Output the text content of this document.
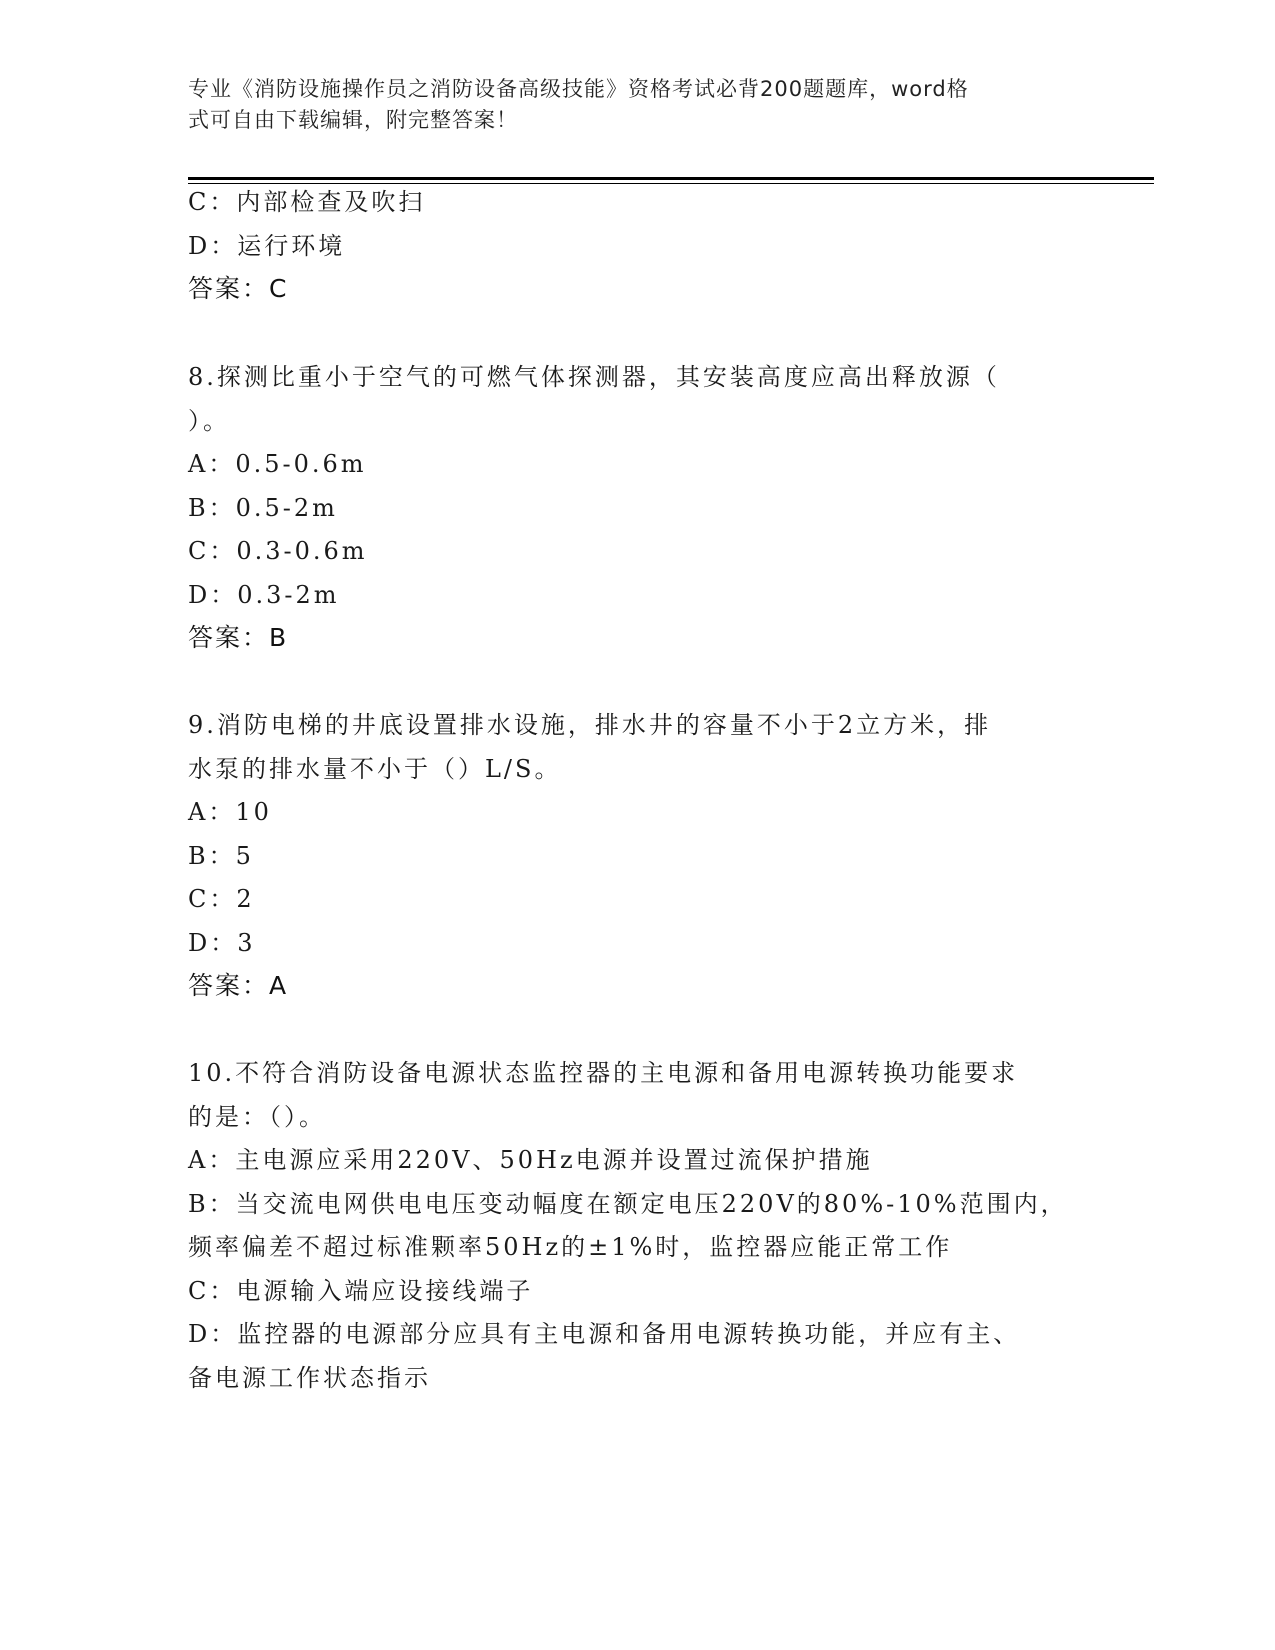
专业《消防设施操作员之消防设备高级技能》资格考试必背200题题库，word格
式可自由下载编辑，附完整答案！
C：内部检查及吹扫
D：运行环境
答案：C
8.探测比重小于空气的可燃气体探测器，其安装高度应高出释放源（
）。
A：0.5-0.6m
B：0.5-2m
C：0.3-0.6m
D：0.3-2m
答案：B
9.消防电梯的井底设置排水设施，排水井的容量不小于2立方米，排
水泵的排水量不小于（）L/S。
A：10
B：5
C：2
D：3
答案：A
10.不符合消防设备电源状态监控器的主电源和备用电源转换功能要求
的是：（）。
A：主电源应采用220V、50Hz电源并设置过流保护措施
B：当交流电网供电电压变动幅度在额定电压220V的80%-10%范围内，
频率偏差不超过标准颗率50Hz的±1%时，监控器应能正常工作
C：电源输入端应设接线端子
D：监控器的电源部分应具有主电源和备用电源转换功能，并应有主、
备电源工作状态指示
